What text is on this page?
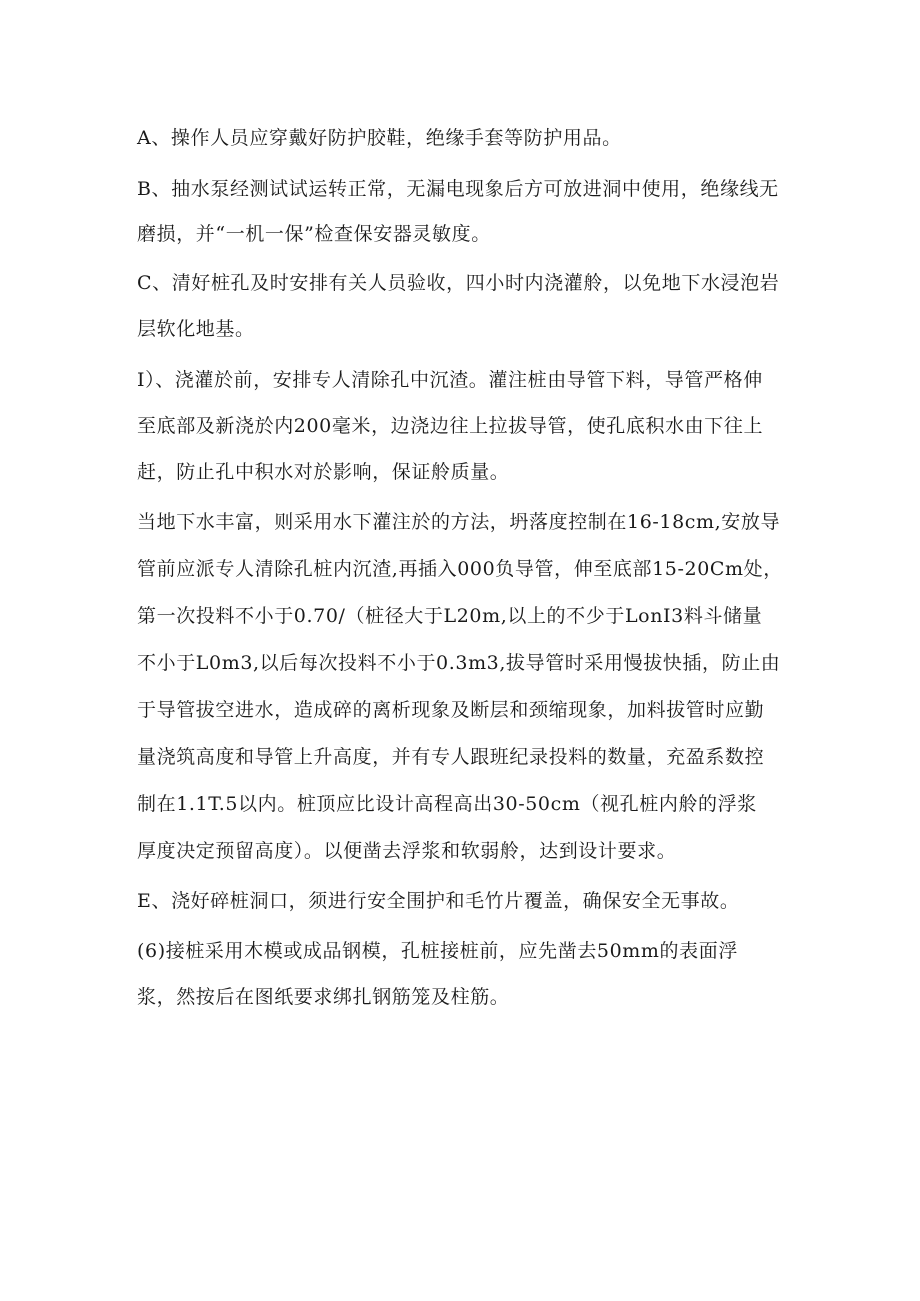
A、操作人员应穿戴好防护胶鞋，绝缘手套等防护用品。
B、抽水泵经测试试运转正常，无漏电现象后方可放进洞中使用，绝缘线无
磨损，并“一机一保”检查保安器灵敏度。
C、清好桩孔及时安排有关人员验收，四小时内浇灌舲，以免地下水浸泡岩
层软化地基。
I）、浇灌於前，安排专人清除孔中沉渣。灌注桩由导管下料，导管严格伸
至底部及新浇於内200毫米，边浇边往上拉拔导管，使孔底积水由下往上
赶，防止孔中积水对於影响，保证舲质量。
当地下水丰富，则采用水下灌注於的方法，坍落度控制在16-18cm,安放导
管前应派专人清除孔桩内沉渣,再插入000负导管，伸至底部15-20Cm处，
第一次投料不小于0.70/（桩径大于L20m,以上的不少于LonI3料斗储量
不小于L0m3,以后每次投料不小于0.3m3,拔导管时采用慢拔快插，防止由
于导管拔空进水，造成碎的离析现象及断层和颈缩现象，加料拔管时应勤
量浇筑高度和导管上升高度，并有专人跟班纪录投料的数量，充盈系数控
制在1.1T.5以内。桩顶应比设计高程高出30-50cm（视孔桩内舲的浮浆
厚度决定预留高度）。以便凿去浮浆和软弱舲，达到设计要求。
E、浇好碎桩洞口，须进行安全围护和毛竹片覆盖，确保安全无事故。
(6)接桩采用木模或成品钢模，孔桩接桩前，应先凿去50mm的表面浮
浆，然按后在图纸要求绑扎钢筋笼及柱筋。
